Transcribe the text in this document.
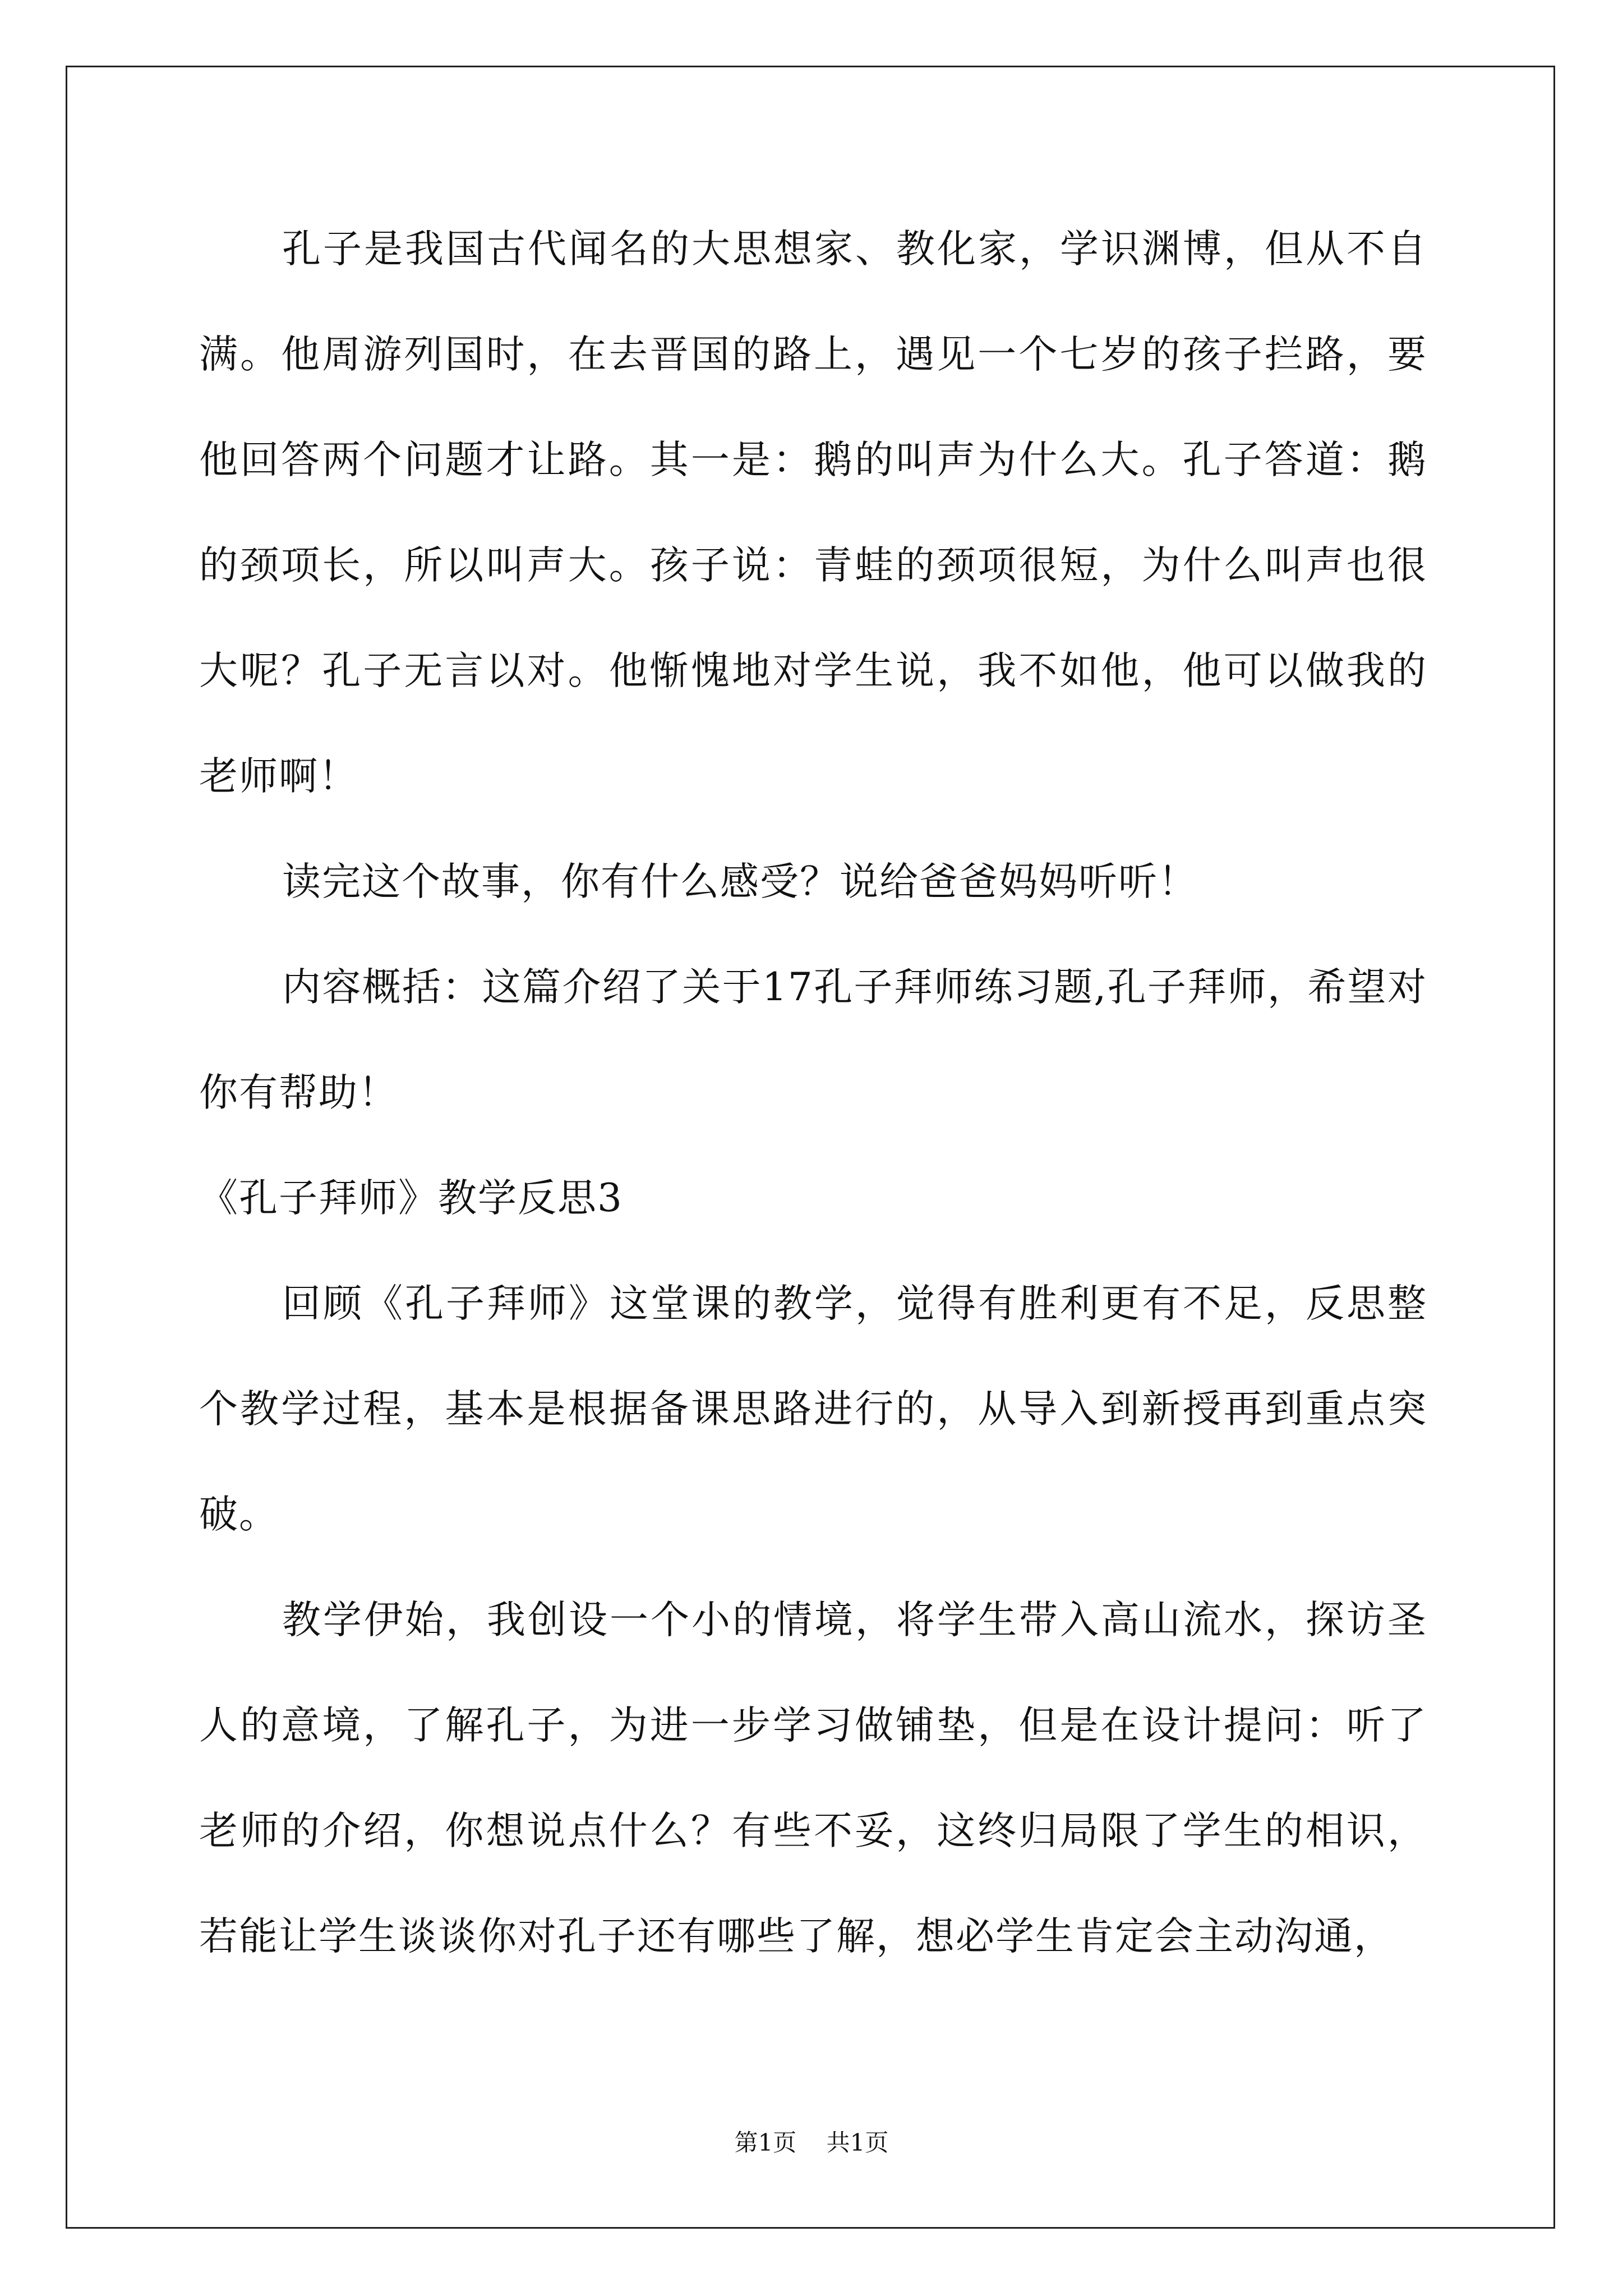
孔子是我国古代闻名的大思想家、教化家，学识渊博，但从不自满。他周游列国时，在去晋国的路上，遇见一个七岁的孩子拦路，要他回答两个问题才让路。其一是：鹅的叫声为什么大。孔子答道：鹅的颈项长，所以叫声大。孩子说：青蛙的颈项很短，为什么叫声也很大呢？孔子无言以对。他惭愧地对学生说，我不如他，他可以做我的老师啊！

读完这个故事，你有什么感受？说给爸爸妈妈听听！

内容概括：这篇介绍了关于17孔子拜师练习题,孔子拜师，希望对你有帮助！

《孔子拜师》教学反思3

回顾《孔子拜师》这堂课的教学，觉得有胜利更有不足，反思整个教学过程，基本是根据备课思路进行的，从导入到新授再到重点突破。

教学伊始，我创设一个小的情境，将学生带入高山流水，探访圣人的意境，了解孔子，为进一步学习做铺垫，但是在设计提问：听了老师的介绍，你想说点什么？有些不妥，这终归局限了学生的相识，若能让学生谈谈你对孔子还有哪些了解，想必学生肯定会主动沟通，

第1页 共1页
